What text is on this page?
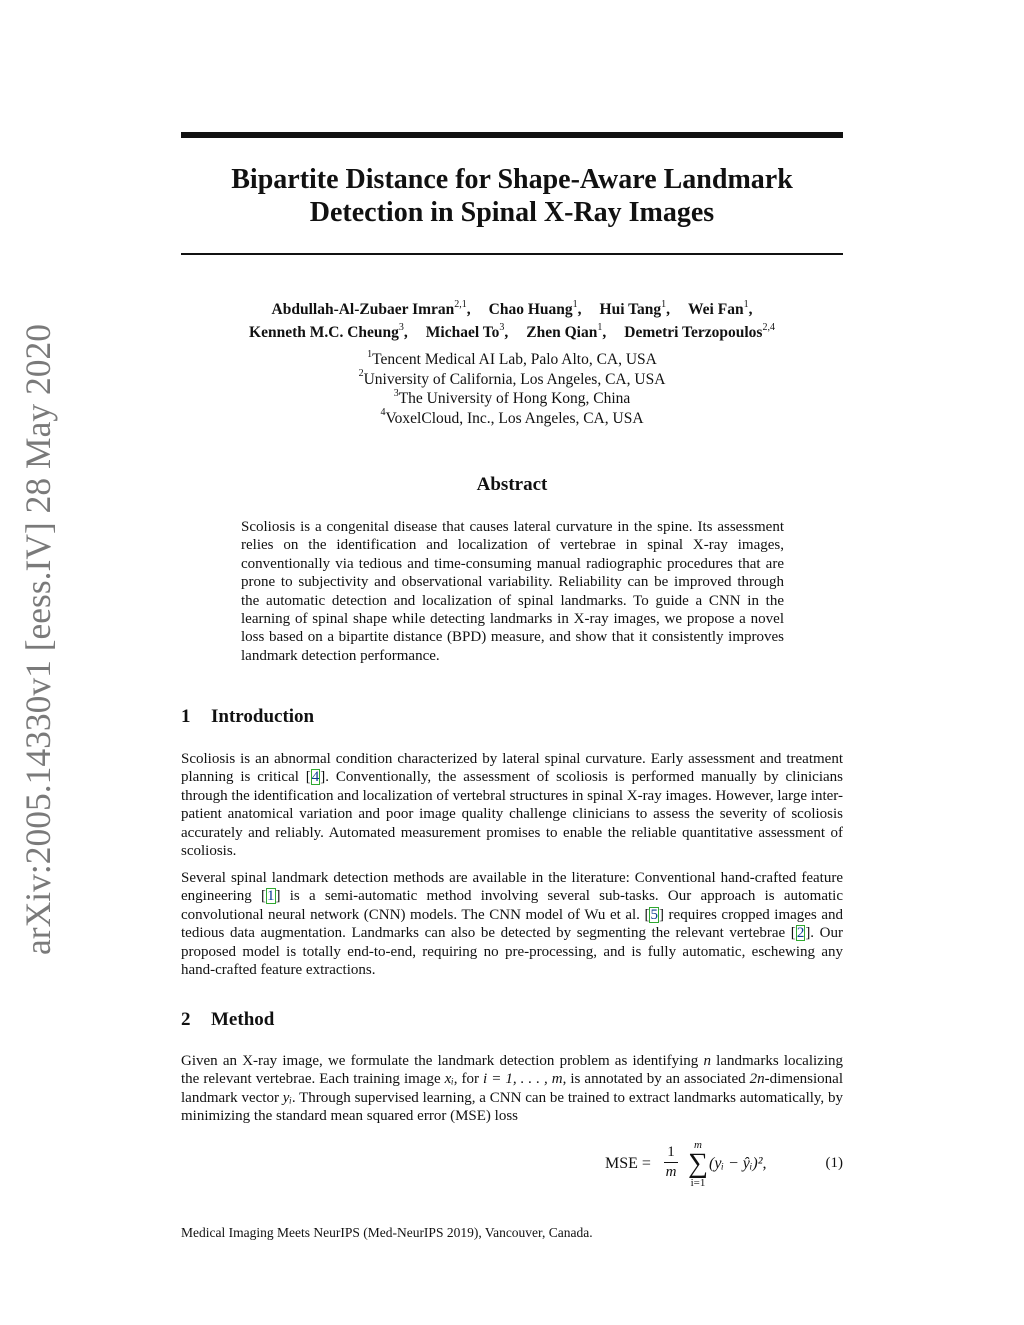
arXiv:2005.14330v1 [eess.IV] 28 May 2020
Bipartite Distance for Shape-Aware Landmark
Detection in Spinal X-Ray Images
Abdullah-Al-Zubaer Imran$^{2,1}$, Chao Huang$^1$, Hui Tang$^1$, Wei Fan$^1$,
Kenneth M.C. Cheung$^3$, Michael To$^3$, Zhen Qian$^1$, Demetri Terzopoulos$^{2,4}$
$^1$Tencent Medical AI Lab, Palo Alto, CA, USA
$^2$University of California, Los Angeles, CA, USA
$^3$The University of Hong Kong, China
$^4$VoxelCloud, Inc., Los Angeles, CA, USA
Abstract
Scoliosis is a congenital disease that causes lateral curvature in the spine. Its assessment relies on the identification and localization of vertebrae in spinal X-ray images, conventionally via tedious and time-consuming manual radiographic procedures that are prone to subjectivity and observational variability. Reliability can be improved through the automatic detection and localization of spinal landmarks. To guide a CNN in the learning of spinal shape while detecting landmarks in X-ray images, we propose a novel loss based on a bipartite distance (BPD) measure, and show that it consistently improves landmark detection performance.
1 Introduction
Scoliosis is an abnormal condition characterized by lateral spinal curvature. Early assessment and treatment planning is critical [4]. Conventionally, the assessment of scoliosis is performed manually by clinicians through the identification and localization of vertebral structures in spinal X-ray images. However, large inter-patient anatomical variation and poor image quality challenge clinicians to assess the severity of scoliosis accurately and reliably. Automated measurement promises to enable the reliable quantitative assessment of scoliosis.
Several spinal landmark detection methods are available in the literature: Conventional hand-crafted feature engineering [1] is a semi-automatic method involving several sub-tasks. Our approach is automatic convolutional neural network (CNN) models. The CNN model of Wu et al. [5] requires cropped images and tedious data augmentation. Landmarks can also be detected by segmenting the relevant vertebrae [2]. Our proposed model is totally end-to-end, requiring no pre-processing, and is fully automatic, eschewing any hand-crafted feature extractions.
2 Method
Given an X-ray image, we formulate the landmark detection problem as identifying n landmarks localizing the relevant vertebrae. Each training image xᵢ, for i = 1, . . . , m, is annotated by an associated 2n-dimensional landmark vector yᵢ. Through supervised learning, a CNN can be trained to extract landmarks automatically, by minimizing the standard mean squared error (MSE) loss
MSE =
1
m
m
∑
i=1
(yᵢ − ŷᵢ)²,	(1)
Medical Imaging Meets NeurIPS (Med-NeurIPS 2019), Vancouver, Canada.
